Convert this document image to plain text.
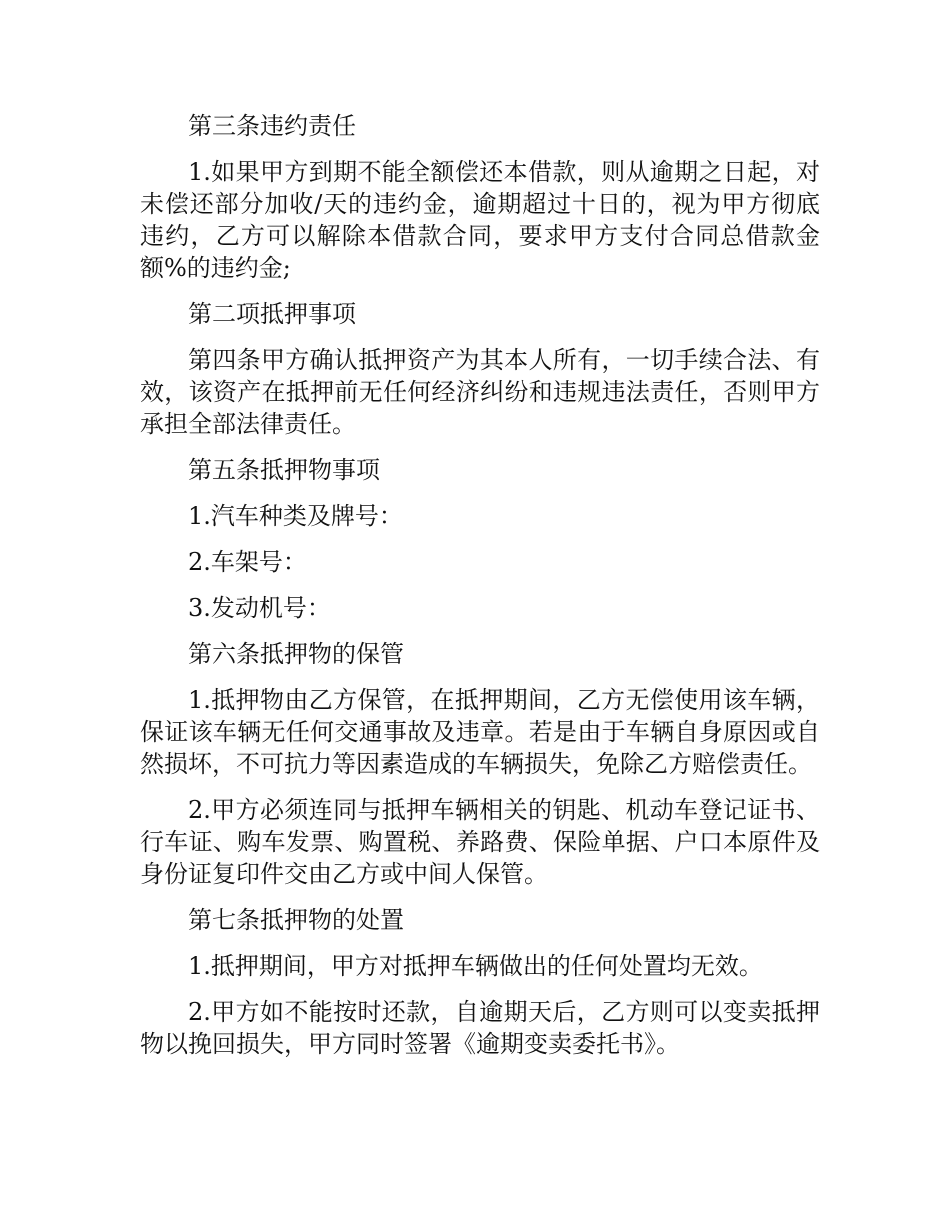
第三条违约责任

1.如果甲方到期不能全额偿还本借款，则从逾期之日起，对未偿还部分加收/天的违约金，逾期超过十日的，视为甲方彻底违约，乙方可以解除本借款合同，要求甲方支付合同总借款金额%的违约金;

第二项抵押事项

第四条甲方确认抵押资产为其本人所有，一切手续合法、有效，该资产在抵押前无任何经济纠纷和违规违法责任，否则甲方承担全部法律责任。

第五条抵押物事项

1.汽车种类及牌号：

2.车架号：

3.发动机号：

第六条抵押物的保管

1.抵押物由乙方保管，在抵押期间，乙方无偿使用该车辆，保证该车辆无任何交通事故及违章。若是由于车辆自身原因或自然损坏，不可抗力等因素造成的车辆损失，免除乙方赔偿责任。

2.甲方必须连同与抵押车辆相关的钥匙、机动车登记证书、行车证、购车发票、购置税、养路费、保险单据、户口本原件及身份证复印件交由乙方或中间人保管。

第七条抵押物的处置

1.抵押期间，甲方对抵押车辆做出的任何处置均无效。

2.甲方如不能按时还款，自逾期天后，乙方则可以变卖抵押物以挽回损失，甲方同时签署《逾期变卖委托书》。
